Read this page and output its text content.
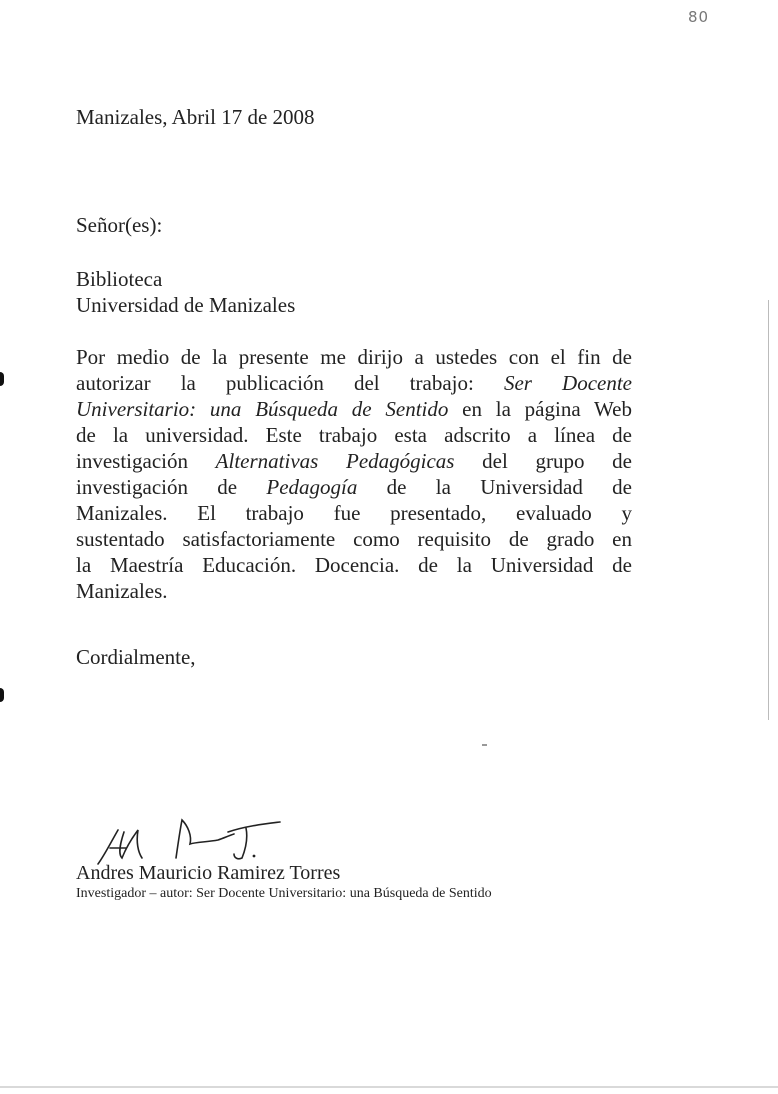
80
Manizales, Abril 17 de 2008
Señor(es):
Biblioteca
Universidad de Manizales
Por medio de la presente me dirijo a ustedes con el fin de
autorizar la publicación del trabajo: Ser Docente
Universitario: una Búsqueda de Sentido en la página Web
de la universidad. Este trabajo esta adscrito a línea de
investigación Alternativas Pedagógicas del grupo de
investigación de Pedagogía de la Universidad de
Manizales. El trabajo fue presentado, evaluado y
sustentado satisfactoriamente como requisito de grado en
la Maestría Educación. Docencia. de la Universidad de
Manizales.
Cordialmente,
Andres Mauricio Ramirez Torres
Investigador – autor: Ser Docente Universitario: una Búsqueda de Sentido
